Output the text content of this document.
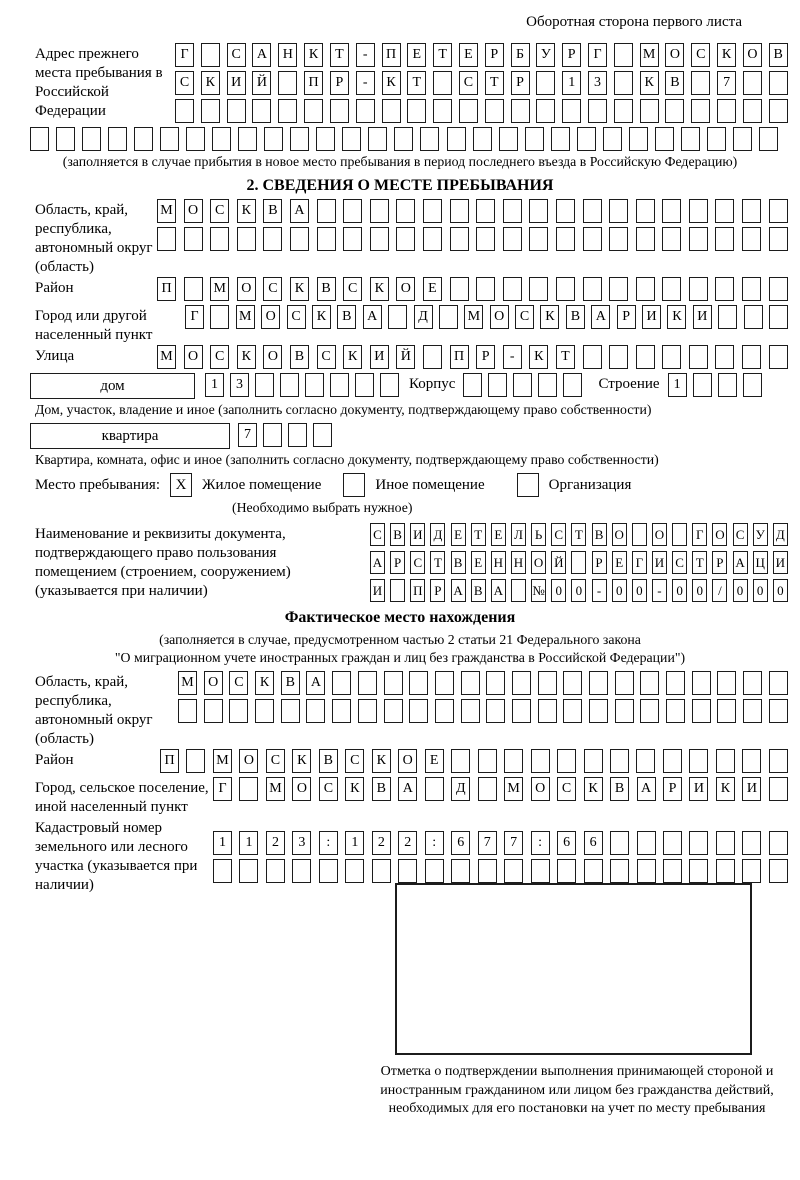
Оборотная сторона первого листа
Адрес прежнего места пребывания в Российской Федерации
Г	С	А	Н	К	Т	-	П	Е	Т	Е	Р	Б	У	Р	Г	М	О	С	К	О	В
С	К	И	Й	П	Р	-	К	Т	С	Т	Р	1	3	К	В	7
(заполняется в случае прибытия в новое место пребывания в период последнего въезда в Российскую Федерацию)
2. СВЕДЕНИЯ О МЕСТЕ ПРЕБЫВАНИЯ
Область, край, республика, автономный округ (область)
М	О	С	К	В	А
Район	П	М	О	С	К	В	С	К	О	Е
Город или другой населенный пункт
Г	М	О	С	К	В	А	Д	М	О	С	К	В	А	Р	И	К	И
Улица	М	О	С	К	О	В	С	К	И	Й	П	Р	-	К	Т
дом	1	3	Корпус	Строение	1
Дом, участок, владение и иное (заполнить согласно документу, подтверждающему право собственности)
квартира	7
Квартира, комната, офис и иное (заполнить согласно документу, подтверждающему право собственности)
Место пребывания:	X	Жилое помещение	Иное помещение	Организация
(Необходимо выбрать нужное)
Наименование и реквизиты документа, подтверждающего право пользования помещением (строением, сооружением) (указывается при наличии)
С В И Д Е Т Е Л Ь С Т В О О Г О С У Д
А Р С Т В Е Н Н О Й Р Е Г И С Т Р А Ц И
И П Р А В А № 0	0	-	0	0	-	0	0	/	0	0	0
Фактическое место нахождения
(заполняется в случае, предусмотренном частью 2 статьи 21 Федерального закона
"О миграционном учете иностранных граждан и лиц без гражданства в Российской Федерации")
Область, край, республика, автономный округ (область)
М	О	С	К	В	А
Район	П	М	О	С	К	В	С	К	О	Е
Город, сельское поселение, иной населенный пункт
Г	М	О	С	К	В	А	Д	М	О	С	К	В	А	Р	И	К	И
Кадастровый номер земельного или лесного участка (указывается при наличии)
1	1	2	3	:	1	2	2	:	6	7	7	:	6	6
Отметка о подтверждении выполнения принимающей стороной и иностранным гражданином или лицом без гражданства действий, необходимых для его постановки на учет по месту пребывания
